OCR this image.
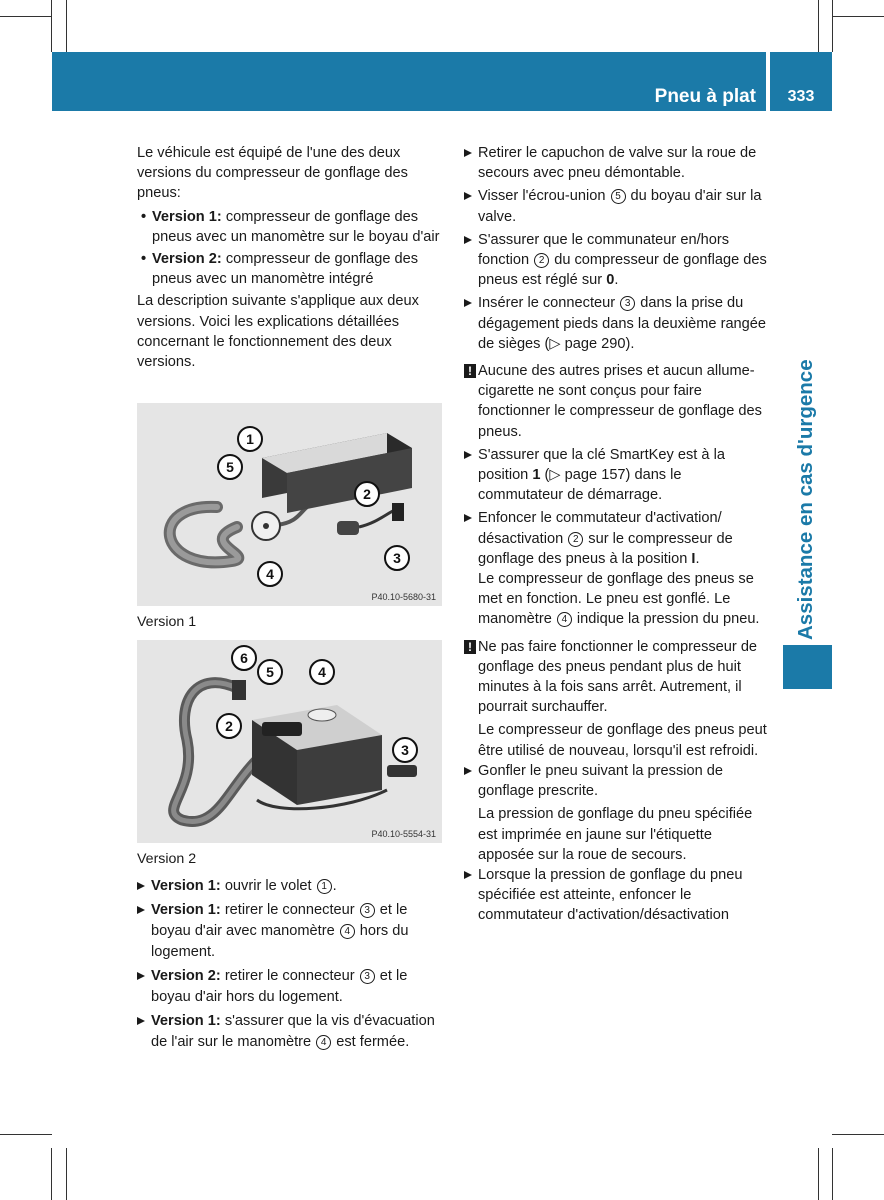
Pneu à plat	333
Assistance en cas d'urgence

Le véhicule est équipé de l'une des deux versions du compresseur de gonflage des pneus:

• Version 1: compresseur de gonflage des pneus avec un manomètre sur le boyau d'air
• Version 2: compresseur de gonflage des pneus avec un manomètre intégré

La description suivante s'applique aux deux versions. Voici les explications détaillées concernant le fonctionnement des deux versions.

1
5
2
3
4
P40.10-5680-31
Version 1
6
5	4
2
3
P40.10-5554-31
Version 2
Version 1: ouvrir le volet 1 .
Version 1: retirer le connecteur 3 et le boyau d'air avec manomètre 4 hors du logement.
Version 2: retirer le connecteur 3 et le boyau d'air hors du logement.
Version 1: s'assurer que la vis d'évacuation de l'air sur le manomètre 4 est fermée.
Retirer le capuchon de valve sur la roue de secours avec pneu démontable.
Visser l'écrou-union 5 du boyau d'air sur la valve.
S'assurer que le communateur en/hors fonction 2 du compresseur de gonflage des pneus est réglé sur 0.
Insérer le connecteur 3 dans la prise du dégagement pieds dans la deuxième rangée de sièges (▷ page 290).
! Aucune des autres prises et aucun allume-cigarette ne sont conçus pour faire fonctionner le compresseur de gonflage des pneus.
S'assurer que la clé SmartKey est à la position 1 (▷ page 157) dans le commutateur de démarrage.
Enfoncer le commutateur d'activation/ désactivation 2 sur le compresseur de gonflage des pneus à la position I.
Le compresseur de gonflage des pneus se met en fonction. Le pneu est gonflé. Le manomètre 4 indique la pression du pneu.
! Ne pas faire fonctionner le compresseur de gonflage des pneus pendant plus de huit minutes à la fois sans arrêt. Autrement, il pourrait surchauffer.

Le compresseur de gonflage des pneus peut être utilisé de nouveau, lorsqu'il est refroidi.

Gonfler le pneu suivant la pression de gonflage prescrite.

La pression de gonflage du pneu spécifiée est imprimée en jaune sur l'étiquette apposée sur la roue de secours.

Lorsque la pression de gonflage du pneu spécifiée est atteinte, enfoncer le commutateur d'activation/désactivation
